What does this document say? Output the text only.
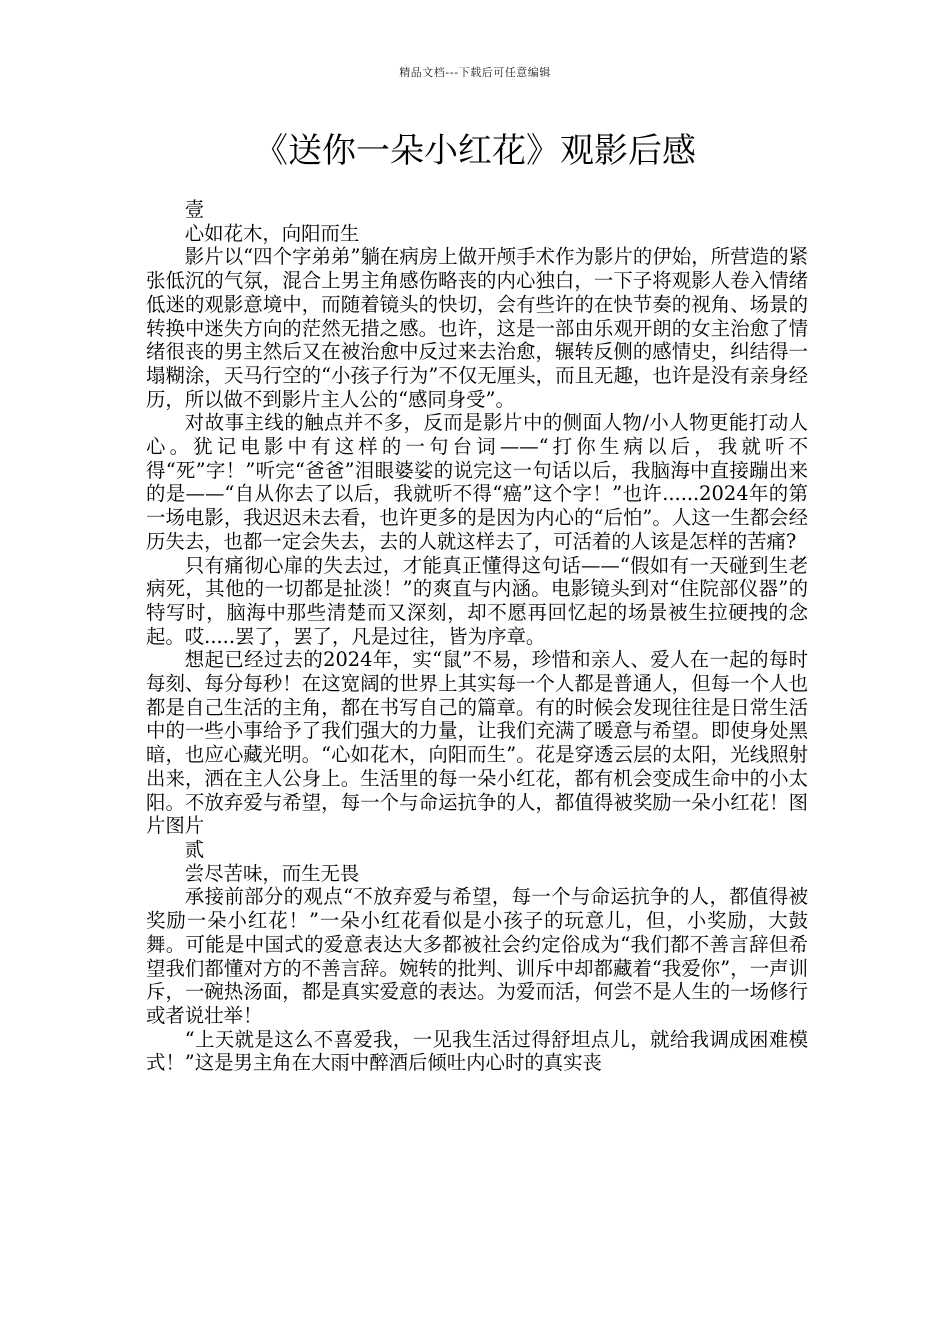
精品文档---下载后可任意编辑
《送你一朵小红花》观影后感

壹

心如花木，向阳而生

影片以“四个字弟弟”躺在病房上做开颅手术作为影片的伊始，所营造的紧张低沉的气氛，混合上男主角感伤略丧的内心独白，一下子将观影人卷入情绪低迷的观影意境中，而随着镜头的快切，会有些许的在快节奏的视角、场景的转换中迷失方向的茫然无措之感。也许，这是一部由乐观开朗的女主治愈了情绪很丧的男主然后又在被治愈中反过来去治愈，辗转反侧的感情史，纠结得一塌糊涂，天马行空的“小孩子行为”不仅无厘头，而且无趣，也许是没有亲身经历，所以做不到影片主人公的“感同身受”。

对故事主线的触点并不多，反而是影片中的侧面人物/小人物更能打动人心。犹记电影中有这样的一句台词——“打你生病以后，我就听不得“死”字！”听完“爸爸”泪眼婆娑的说完这一句话以后，我脑海中直接蹦出来的是——“自从你去了以后，我就听不得“癌”这个字！”也许......2024年的第一场电影，我迟迟未去看，也许更多的是因为内心的“后怕”。人这一生都会经历失去，也都一定会失去，去的人就这样去了，可活着的人该是怎样的苦痛?

只有痛彻心扉的失去过，才能真正懂得这句话——“假如有一天碰到生老病死，其他的一切都是扯淡！”的爽直与内涵。电影镜头到对“住院部仪器”的特写时，脑海中那些清楚而又深刻，却不愿再回忆起的场景被生拉硬拽的念起。哎.....罢了，罢了，凡是过往，皆为序章。

想起已经过去的2024年，实“鼠”不易，珍惜和亲人、爱人在一起的每时每刻、每分每秒！在这宽阔的世界上其实每一个人都是普通人，但每一个人也都是自己生活的主角，都在书写自己的篇章。有的时候会发现往往是日常生活中的一些小事给予了我们强大的力量，让我们充满了暖意与希望。即使身处黑暗，也应心藏光明。“心如花木，向阳而生”。花是穿透云层的太阳，光线照射出来，洒在主人公身上。生活里的每一朵小红花，都有机会变成生命中的小太阳。不放弃爱与希望，每一个与命运抗争的人，都值得被奖励一朵小红花！图片图片

贰

尝尽苦味，而生无畏

承接前部分的观点“不放弃爱与希望，每一个与命运抗争的人，都值得被奖励一朵小红花！”一朵小红花看似是小孩子的玩意儿，但，小奖励，大鼓舞。可能是中国式的爱意表达大多都被社会约定俗成为“我们都不善言辞但希望我们都懂对方的不善言辞。婉转的批判、训斥中却都藏着“我爱你”，一声训斥，一碗热汤面，都是真实爱意的表达。为爱而活，何尝不是人生的一场修行或者说壮举！

“上天就是这么不喜爱我，一见我生活过得舒坦点儿，就给我调成困难模式！”这是男主角在大雨中醉酒后倾吐内心时的真实丧
